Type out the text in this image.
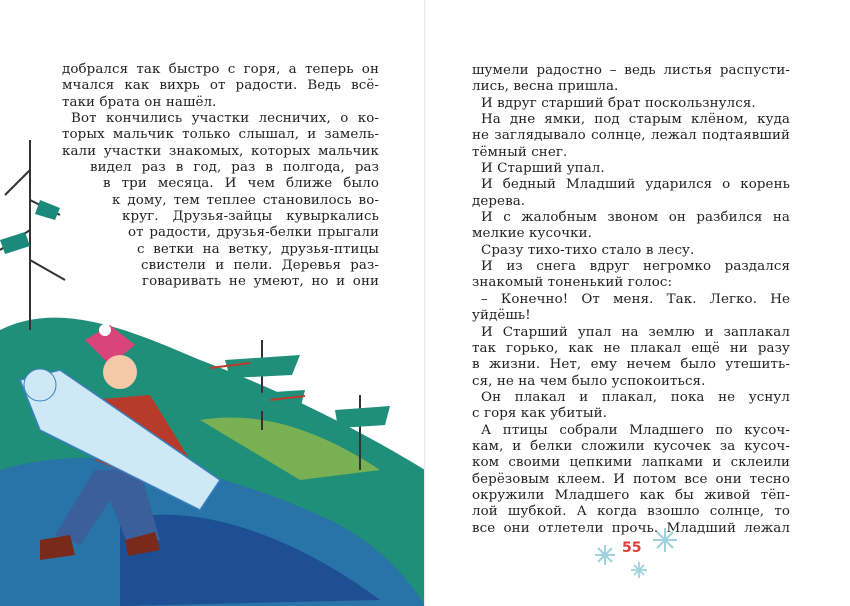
добрался так быстро с горя, а теперь он
мчался как вихрь от радости. Ведь всё-
таки брата он нашёл.
Вот кончились участки лесничих, о ко-
торых мальчик только слышал, и замель-
кали участки знакомых, которых мальчик
видел раз в год, раз в полгода, раз
в три месяца. И чем ближе было
к дому, тем теплее становилось во-
круг. Друзья-зайцы кувыркались
от радости, друзья-белки прыгали
с ветки на ветку, друзья-птицы
свистели и пели. Деревья раз-
говаривать не умеют, но и они
шумели радостно – ведь листья распусти-
лись, весна пришла.
И вдруг старший брат поскользнулся.
На дне ямки, под старым клёном, куда
не заглядывало солнце, лежал подтаявший
тёмный снег.
И Старший упал.
И бедный Младший ударился о корень
дерева.
И с жалобным звоном он разбился на
мелкие кусочки.
Сразу тихо-тихо стало в лесу.
И из снега вдруг негромко раздался
знакомый тоненький голос:
– Конечно! От меня. Так. Легко. Не
уйдёшь!
И Старший упал на землю и заплакал
так горько, как не плакал ещё ни разу
в жизни. Нет, ему нечем было утешить-
ся, не на чем было успокоиться.
Он плакал и плакал, пока не уснул
с горя как убитый.
А птицы собрали Младшего по кусоч-
кам, и белки сложили кусочек за кусоч-
ком своими цепкими лапками и склеили
берёзовым клеем. И потом все они тесно
окружили Младшего как бы живой тёп-
лой шубкой. А когда взошло солнце, то
все они отлетели прочь. Младший лежал
55
